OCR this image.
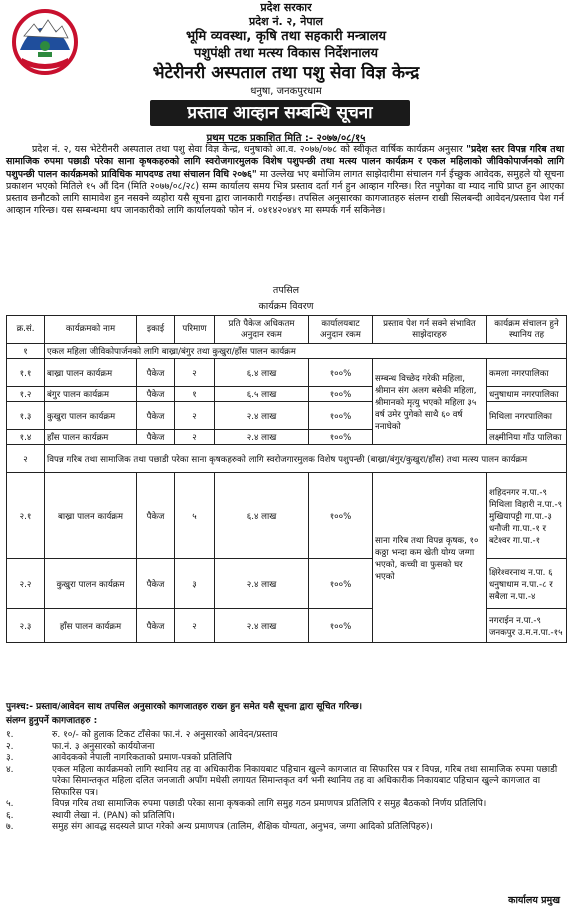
प्रदेश सरकार
प्रदेश नं. २, नेपाल
भूमि व्यवस्था, कृषि तथा सहकारी मन्त्रालय
पशुपंक्षी तथा मत्स्य विकास निर्देशनालय
भेटेरीनरी अस्पताल तथा पशु सेवा विज्ञ केन्द्र
धनुषा, जनकपुरधाम
प्रस्ताव आव्हान सम्बन्धि सूचना
प्रथम पटक प्रकाशित मिति :- २०७७/०८/१५
प्रदेश नं. २, यस भेटेरीनरी अस्पताल तथा पशु सेवा विज्ञ केन्द्र, धनुषाको आ.व. २०७७/०७८ को स्वीकृत वार्षिक कार्यक्रम अनुसार "प्रदेश स्तर विपन्न गरिब तथा सामाजिक रुपमा पछाडी परेका साना कृषकहरुको लागि स्वरोजगारमुलक विशेष पशुपन्छी तथा मत्स्य पालन कार्यक्रम र एकल महिलाको जीविकोपार्जनको लागि पशुपन्छी पालन कार्यक्रमको प्राविधिक मापदण्ड तथा संचालन विधि २०७६" मा उल्लेख भए बमोजिम लागत साझेदारीमा संचालन गर्न ईच्छुक आवेदक, समुहले यो सूचना प्रकाशन भएको मितिले १५ औं दिन (मिति २०७७/०८/२८) सम्म कार्यालय समय भित्र प्रस्ताव दर्ता गर्न हुन आव्हान गरिन्छ। रित नपुगेका वा म्याद नाघि प्राप्त हुन आएका प्रस्ताव छनौटको लागि सामावेश हुन नसक्ने व्यहोरा यसै सूचना द्वारा जानकारी गराईन्छ। तपसिल अनुसारका कागजातहरु संलग्न राखी सिलबन्दी आवेदन/प्रस्ताव पेश गर्न आव्हान गरिन्छ। यस सम्बन्धमा थप जानकारीको लागि कार्यालयको फोन नं. ०४१४२०४४९ मा सम्पर्क गर्न सकिनेछ।
तपसिल
कार्यक्रम विवरण
क्र.सं.	कार्यक्रमको नाम	इकाई	परिमाण	प्रति पैकेज अधिकतम अनुदान रकम	कार्यालयबाट अनुदान रकम	प्रस्ताव पेश गर्न सक्ने संभावित साझेदारहरु	कार्यक्रम संचालन हुने स्थानिय तह
१	एकल महिला जीविकोपार्जनको लागि बाख्रा/बंगुर तथा कुखुरा/हाँस पालन कार्यक्रम						
१.१	बाख्रा पालन कार्यक्रम	पैकेज	२	६.४ लाख	१००%	सम्बन्ध विच्छेद गरेकी महिला, श्रीमान संग अलग बसेकी महिला, श्रीमानको मृत्यु भएको महिला ३५ वर्ष उमेर पुगेको साथै ६० वर्ष ननाघेको	कमला नगरपालिका
१.२	बंगुर पालन कार्यक्रम	पैकेज	१	६.५ लाख	१००%		धनुषाधाम नगरपालिका
१.३	कुखुरा पालन कार्यक्रम	पैकेज	२	२.४ लाख	१००%		मिथिला नगरपालिका
१.४	हाँस पालन कार्यक्रम	पैकेज	२	२.४ लाख	१००%		लक्ष्मीनिया गाँउ पालिका
२	विपन्न गरिब तथा सामाजिक तथा पछाडी परेका साना कृषकहरुको लागि स्वरोजगारमुलक विशेष पशुपन्छी (बाख्रा/बंगुर/कुखुरा/हाँस) तथा मत्स्य पालन कार्यक्रम						
२.१	बाख्रा पालन कार्यक्रम	पैकेज	५	६.४ लाख	१००%	साना गरिब तथा विपन्न कृषक, १० कठ्ठा भन्दा कम खेती योग्य जग्गा भएको, कच्ची वा फुसको घर भएको	शहिदनगर न.पा.-९ मिथिला विहारी न.पा.-९ मुखियापट्टी गा.पा.-३ धनौजी गा.पा.-१ र बटेश्वर गा.पा.-१
२.२	कुखुरा पालन कार्यक्रम	पैकेज	३	२.४ लाख	१००%		क्षिरेश्वरनाथ न.पा. ६ धनुषाधाम न.पा.-८ र सबैला न.पा.-४
२.३	हाँस पालन कार्यक्रम	पैकेज	२	२.४ लाख	१००%		नगराईन न.पा.-९ जनकपुर उ.म.न.पा.-१५
पुनश्च:- प्रस्ताव/आवेदन साथ तपसिल अनुसारको कागजातहरु राख्न हुन समेत यसै सूचना द्वारा सूचित गरिन्छ।
संलग्न हुनुपर्ने कागजातहरु :
१.	रु. १०/- को हुलाक टिकट टाँसेका फा.नं. २ अनुसारको आवेदन/प्रस्ताव
२.	फा.नं. ३ अनुसारको कार्ययोजना
३.	आवेदकको नेपाली नागरिकताको प्रमाण-पत्रको प्रतिलिपि
४.	एकल महिला कार्यक्रमको लागि स्थानिय तह वा अधिकारीक निकायबाट पहिचान खुल्ने कागजात वा सिफारिस पत्र र विपन्न, गरिब तथा सामाजिक रुपमा पछाडी परेका सिमान्तकृत महिला दलित जनजाती अपाँग मधेसी लगायत सिमान्तकृत वर्ग भनी स्थानिय तह वा अधिकारीक निकायबाट पहिचान खुल्ने कागजात वा सिफारिस पत्र।
५.	विपन्न गरिब तथा सामाजिक रुपमा पछाडी परेका साना कृषकको लागि समुह गठन प्रमाणपत्र प्रतिलिपि र समुह बैठकको निर्णय प्रतिलिपि।
६.	स्थायी लेखा नं. (PAN) को प्रतिलिपि।
७.	समुह संग आवद्ध सदस्यले प्राप्त गरेको अन्य प्रमाणपत्र (तालिम, शैक्षिक योग्यता, अनुभव, जग्गा आदिको प्रतिलिपिहरु)।
कार्यालय प्रमुख
